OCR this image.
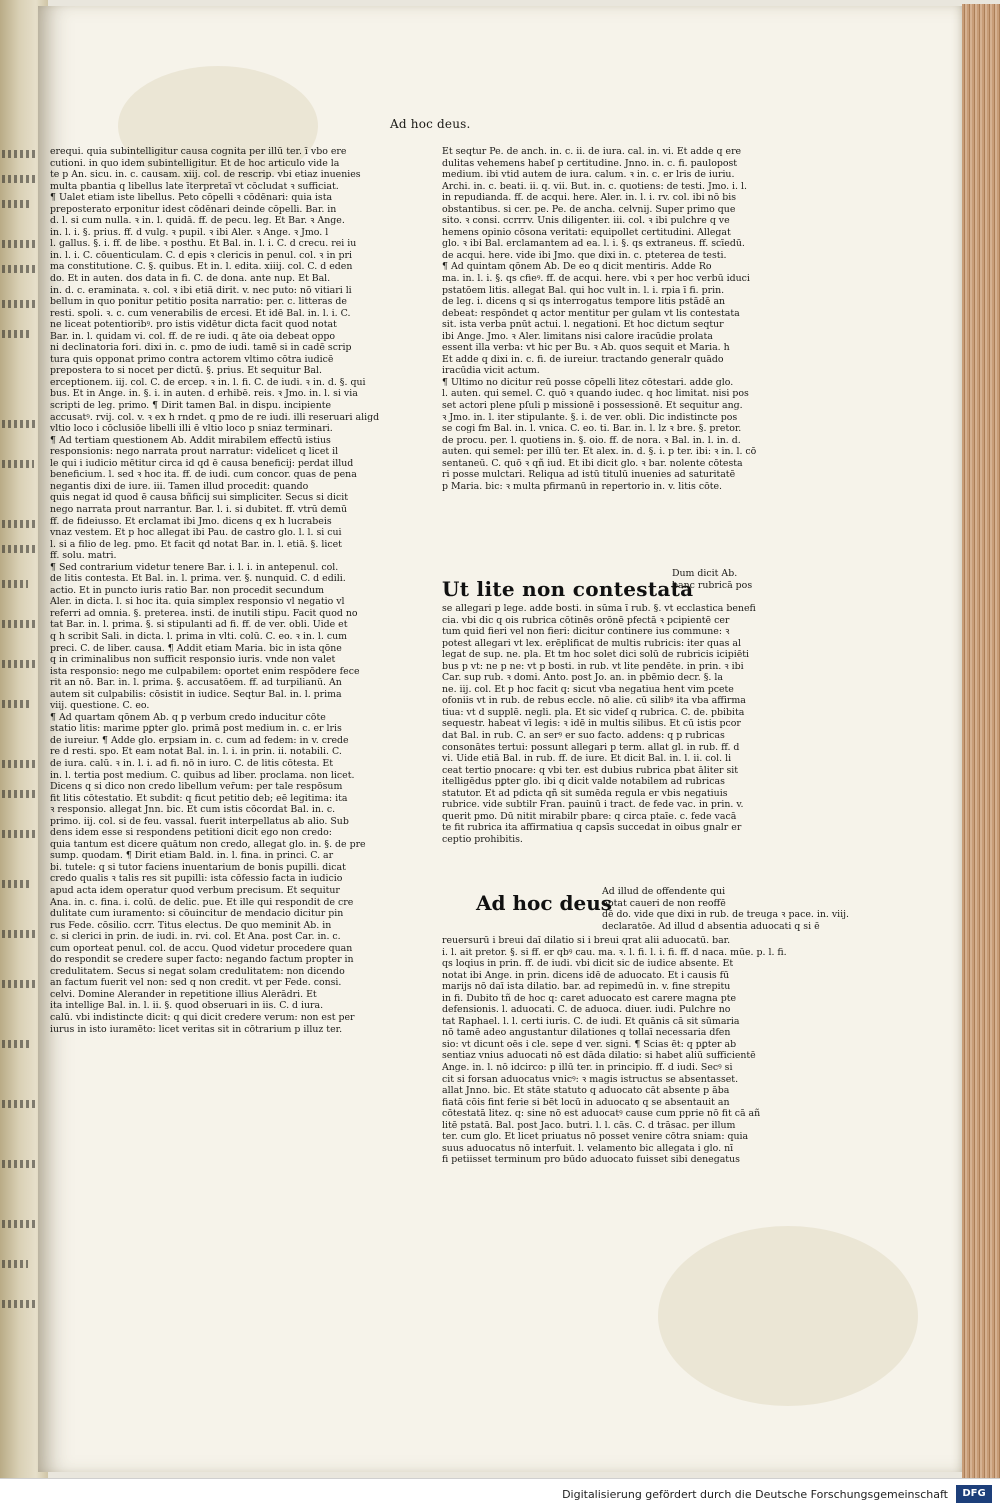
Ad hoc deus.
erequi. quia subintelligitur causa cognita per illū ter. ī vbo ere
cutioni. in quo idem subintelligitur. Et de hoc articulo vide la
te p An. sicu. in. c. causam. xiij. col. de rescrip. vbi etiaz inuenies
multa pbantia q libellus late īterpretaī vt cōcludat ꝛ sufficiat.
¶ Ualet etiam iste libellus. Peto cōpelli ꝛ cōdēnari: quia ista
preposterato erponitur idest cōdēnari deinde cōpelli. Bar. in
d. l. si cum nulla. ꝛ in. l. quidā. ff. de pecu. leg. Et Bar. ꝛ Ange.
in. l. i. §. prius. ff. d vulg. ꝛ pupil. ꝛ ibi Aler. ꝛ Ange. ꝛ Jmo. l
l. gallus. §. i. ff. de libe. ꝛ posthu. Et Bal. in. l. i. C. d crecu. rei iu
in. l. i. C. cōuenticulam. C. d epis ꝛ clericis in penul. col. ꝛ in pri
ma constitutione. C. §. quibus. Et in. l. edita. xiiij. col. C. d eden
do. Et in auten. dos data in fi. C. de dona. ante nup. Et Bal.
in. d. c. eraminata. ꝛ. col. ꝛ ibi etiā dirit. v. nec puto: nō vitiari li
bellum in quo ponitur petitio posita narratio: per. c. litteras de
resti. spoli. ꝛ. c. cum venerabilis de ercesi. Et idē Bal. in. l. i. C.
ne liceat potentioribꝰ. pro istis vidētur dicta facit quod notat
Bar. in. l. quidam vi. col. ff. de re iudi. q āte oia debeat oppo
ni declinatoria fori. dixi in. c. pmo de iudi. tamē si in cadē scrip
tura quis opponat primo contra actorem vltimo cōtra iudicē
prepostera to si nocet per dictū. §. prius. Et sequitur Bal.
erceptionem. iij. col. C. de ercep. ꝛ in. l. fi. C. de iudi. ꝛ in. d. §. qui
bus. Et in Ange. in. §. i. in auten. d erhibē. reis. ꝛ Jmo. in. l. si via
scripti de leg. primo. ¶ Dirit tamen Bal. in dispu. incipiente
accusatꝰ. rvij. col. v. ꝛ ex h rndet. q pmo de re iudi. illi reseruari aligd
vltio loco i cōclusiōe libelli illi ē vltio loco p sniaz terminari.
¶ Ad tertiam questionem Ab. Addit mirabilem effectū istius
responsionis: nego narrata prout narratur: videlicet q licet il
le qui i iudicio mētitur circa id qd ē causa beneficij: perdat illud
beneficium. l. sed ꝛ hoc ita. ff. de iudi. cum concor. quas de pena
negantis dixi de iure. iii. Tamen illud procedit: quando
quis negat id quod ē causa bñficij sui simpliciter. Secus si dicit
nego narrata prout narrantur. Bar. l. i. si dubitet. ff. vtrū demū
ff. de fideiusso. Et erclamat ibi Jmo. dicens q ex h lucrabeis
vnaz vestem. Et p hoc allegat ibi Pau. de castro glo. l. l. si cui
l. si a filio de leg. pmo. Et facit qd notat Bar. in. l. etiā. §. licet
ff. solu. matri.
¶ Sed contrarium videtur tenere Bar. i. l. i. in antepenul. col.
de litis contesta. Et Bal. in. l. prima. ver. §. nunquid. C. d edili.
actio. Et in puncto iuris ratio Bar. non procedit secundum
Aler. in dicta. l. si hoc ita. quia simplex responsio vl negatio vl
referri ad omnia. §. preterea. insti. de inutili stipu. Facit quod no
tat Bar. in. l. prima. §. si stipulanti ad fi. ff. de ver. obli. Uide et
q h scribit Sali. in dicta. l. prima in vlti. colū. C. eo. ꝛ in. l. cum
preci. C. de liber. causa. ¶ Addit etiam Maria. bic in ista qōne
q in criminalibus non sufficit responsio iuris. vnde non valet
ista responsio: nego me culpabilem: oportet enim respōdere fece
rit an nō. Bar. in. l. prima. §. accusatōem. ff. ad turpilianū. An
autem sit culpabilis: cōsistit in iudice. Seqtur Bal. in. l. prima
viij. questione. C. eo.
¶ Ad quartam qōnem Ab. q p verbum credo inducitur cōte
statio litis: marime pꝑter glo. primā post medium in. c. er lris
de iureiur. ¶ Adde glo. erpsiam in. c. cum ad fedem: in v. crede
re d resti. spo. Et eam notat Bal. in. l. i. in prin. ii. notabili. C.
de iura. calū. ꝛ in. l. i. ad fi. nō in iuro. C. de litis cōtesta. Et
in. l. tertia post medium. C. quibus ad liber. proclama. non licet.
Dicens q si dico non credo libellum ver̄um: per tale respōsum
fit litis cōtestatio. Et subdit: q ficut petitio deb; eē legitima: ita
ꝛ responsio. allegat Jnn. bic. Et cum istis cōcordat Bal. in. c.
primo. iij. col. si de feu. vassal. fuerit interpellatus ab alio. Sub
dens idem esse si respondens petitioni dicit ego non credo:
quia tantum est dicere quātum non credo, allegat glo. in. §. de pre
sump. quodam. ¶ Dirit etiam Bald. in. l. fina. in princi. C. ar
bi. tutele: q si tutor faciens inuentarium de bonis pupilli. dicat
credo qualis ꝛ talis res sit pupilli: ista cōfessio facta in iudicio
apud acta idem operatur quod verbum precisum. Et sequitur
Ana. in. c. fina. i. colū. de delic. pue. Et ille qui respondit de cre
dulitate cum iuramento: si cōuincitur de mendacio dicitur pin
rus Fede. cōsilio. ccrr. Titus electus. De quo meminit Ab. in
c. si clerici in prin. de iudi. in. rvi. col. Et Ana. post Car. in. c.
cum oporteat penul. col. de accu. Quod videtur procedere quan
do respondit se credere super facto: negando factum propter in
credulitatem. Secus si negat solam credulitatem: non dicendo
an factum fuerit vel non: sed q non credit. vt per Fede. consi.
celvi. Domine Alerander in repetitione illius Alerādri. Et
ita intellige Bal. in. l. ii. §. quod obseruari in iis. C. d iura.
calū. vbi indistincte dicit: q qui dicit credere verum: non est per
iurus in isto iuramēto: licet veritas sit in cōtrarium p illuz ter.
Et seqtur Pe. de anch. in. c. ii. de iura. cal. in. vi. Et adde q ere
dulitas vehemens habeſ p certitudine. Jnno. in. c. fi. paulopost
medium. ibi vtid autem de iura. calum. ꝛ in. c. er lris de iuriu.
Archi. in. c. beati. ii. q. vii. But. in. c. quotiens: de testi. Jmo. i. l.
in repudianda. ff. de acqui. here. Aler. in. l. i. rv. col. ibi nō bis
obstantibus. si cer. pe. Pe. de ancha. celvnij. Super primo que
sito. ꝛ consi. ccrrrv. Unis diligenter. iii. col. ꝛ ibi pulchre q ve
hemens opinio cōsona veritati: equipollet certitudini. Allegat
glo. ꝛ ibi Bal. erclamantem ad ea. l. i. §. qs extraneus. ff. scīedū.
de acqui. here. vide ibi Jmo. que dixi in. c. pteterea de testi.
¶ Ad quintam qōnem Ab. De eo q dicit mentiris. Adde Ro
ma. in. l. i. §. qs cfieꝰ. ff. de acqui. here. vbi ꝛ per hoc verbū iduci
pstatōem litis. allegat Bal. qui hoc vult in. l. i. rpia ī fi. prin.
de leg. i. dicens q si qs interrogatus tempore litis pstādē an
debeat: respōndet q actor mentitur per gulam vt lis contestata
sit. ista verba pnūt actui. l. negationi. Et hoc dictum seqtur
ibi Ange. Jmo. ꝛ Aler. limitans nisi calore iracūdie prolata
essent illa verba: vt hic per Bu. ꝛ Ab. quos sequit et Maria. h
Et adde q dixi in. c. fi. de iureiur. tractando generalr quādo
iracūdia vicit actum.
¶ Ultimo no dicitur reū posse cōpelli litez cōtestari. adde glo.
l. auten. qui semel. C. quō ꝛ quando iudec. q hoc limitat. nisi pos
set actori plene pſuli p missionē i possessionē. Et sequitur ang.
ꝛ Jmo. in. l. iter stipulante. §. i. de ver. obli. Dic indistincte pos
se cogi fm Bal. in. l. vnica. C. eo. ti. Bar. in. l. lz ꝛ bre. §. pretor.
de procu. per. l. quotiens in. §. oio. ff. de nora. ꝛ Bal. in. l. in. d.
auten. qui semel: per illū ter. Et alex. in. d. §. i. p ter. ibi: ꝛ in. l. cō
sentaneū. C. quō ꝛ qñ iud. Et ibi dicit glo. ꝛ bar. nolente cōtesta
ri posse mulctari. Reliqua ad istū titulū inuenies ad saturitatē
p Maria. bic: ꝛ multa pfirmanū in repertorio in. v. litis cōte.
Ut lite non contestata
Dum dicit Ab.
banc rubricā pos
se allegari p lege. adde bosti. in sūma ī rub. §. vt ecclastica benefi
cia. vbi dic q ois rubrica cōtinēs orōnē pfectā ꝛ pcipientē cer
tum quid fieri vel non fieri: dicitur continere ius commune: ꝛ
potest allegari vt lex. erēplificat de multis rubricis: iter quas al
legat de sup. ne. pla. Et tm hoc solet dici solū de rubricis icipiēti
bus p vt: ne p ne: vt p bosti. in rub. vt lite pendēte. in prin. ꝛ ibi
Car. sup rub. ꝛ domi. Anto. post Jo. an. in pbēmio decr. §. la
ne. iij. col. Et p hoc facit q: sicut vba negatiua hent vim pcete
ofoniis vt in rub. de rebus eccle. nō alie. cū silibꝰ ita vba affirma
tiua: vt d supplē. negli. pla. Et sic videſ q rubrica. C. de. pbibita
sequestr. habeat vī legis: ꝛ idē in multis silibus. Et cū istis pcor
dat Bal. in rub. C. an serꝰ er suo facto. addens: q p rubricas
consonātes tertui: possunt allegari p term. allat gl. in rub. ff. d
vi. Uide etiā Bal. in rub. ff. de iure. Et dicit Bal. in. l. ii. col. li
ceat tertio pnocare: q vbi ter. est dubius rubrica pbat āliter sit
itelligēdus pꝑter glo. ibi q dicit valde notabilem ad rubricas
statutor. Et ad pdicta qñ sit sumēda regula er vbis negatiuis
rubrice. vide subtilr Fran. pauinū i tract. de fede vac. in prin. v.
querit pmo. Dū nitit mirabilr pbare: q circa ptaīe. c. fede vacā
te fit rubrica ita affirmatiua q capsīs succedat in oibus gnalr er
ceptio prohibitis.
Ad hoc deus
Ad illud de offendente qui
optat caueri de non reoffē
dē do. vide que dixi in rub. de treuga ꝛ pace. in. viij.
declaratōe. Ad illud d absentia aduocati q si ē
reuersurū i breui daī dilatio si i breui qrat alii aduocatū. bar.
i. l. ait pretor. §. si ff. er qbꝰ cau. ma. ꝛ. l. fi. l. i. fi. ff. d naca. mūe. p. l. fi.
qs loqius in prin. ff. de iudi. vbi dicit sic de iudice absente. Et
notat ibi Ange. in prin. dicens idē de aduocato. Et i causis fū
marijs nō daī ista dilatio. bar. ad repimedū in. v. fine strepitu
in fi. Dubito tñ de hoc q: caret aduocato est carere magna pte
defensionis. l. aduocati. C. de aduoca. diuer. iudi. Pulchre no
tat Raphael. l. l. certi iuris. C. de iudi. Et quānis cā sit sūmaria
nō tamē adeo angustantur dilationes q tollaī necessaria dfen
sio: vt dicunt oēs i cle. sepe d ver. signi. ¶ Scias ēt: q pꝑter ab
sentiaz vnius aduocati nō est dāda dilatio: si habet aliū sufficientē
Ange. in. l. nō idcirco: p illū ter. in principio. ff. d iudi. Secꝰ si
cit si forsan aduocatus vnicꝰ: ꝛ magis istructus se absentasset.
allat Jnno. bic. Et stāte statuto q aduocato cāt absente p āba
fiatā cōis fint ferie si bēt locū in aduocato q se absentauit an
cōtestatā litez. q: sine nō est aduocatꝰ cause cum pprie nō fit cā añ
litē pstatā. Bal. post Jaco. butri. l. l. cās. C. d trāsac. per illum
ter. cum glo. Et licet priuatus nō posset venire cōtra sniam: quia
suus aduocatus nō interfuit. l. velamento bic allegata i glo. nī
fi petiisset terminum pro būdo aduocato fuisset sibi denegatus
Digitalisierung gefördert durch die Deutsche Forschungsgemeinschaft	DFG
